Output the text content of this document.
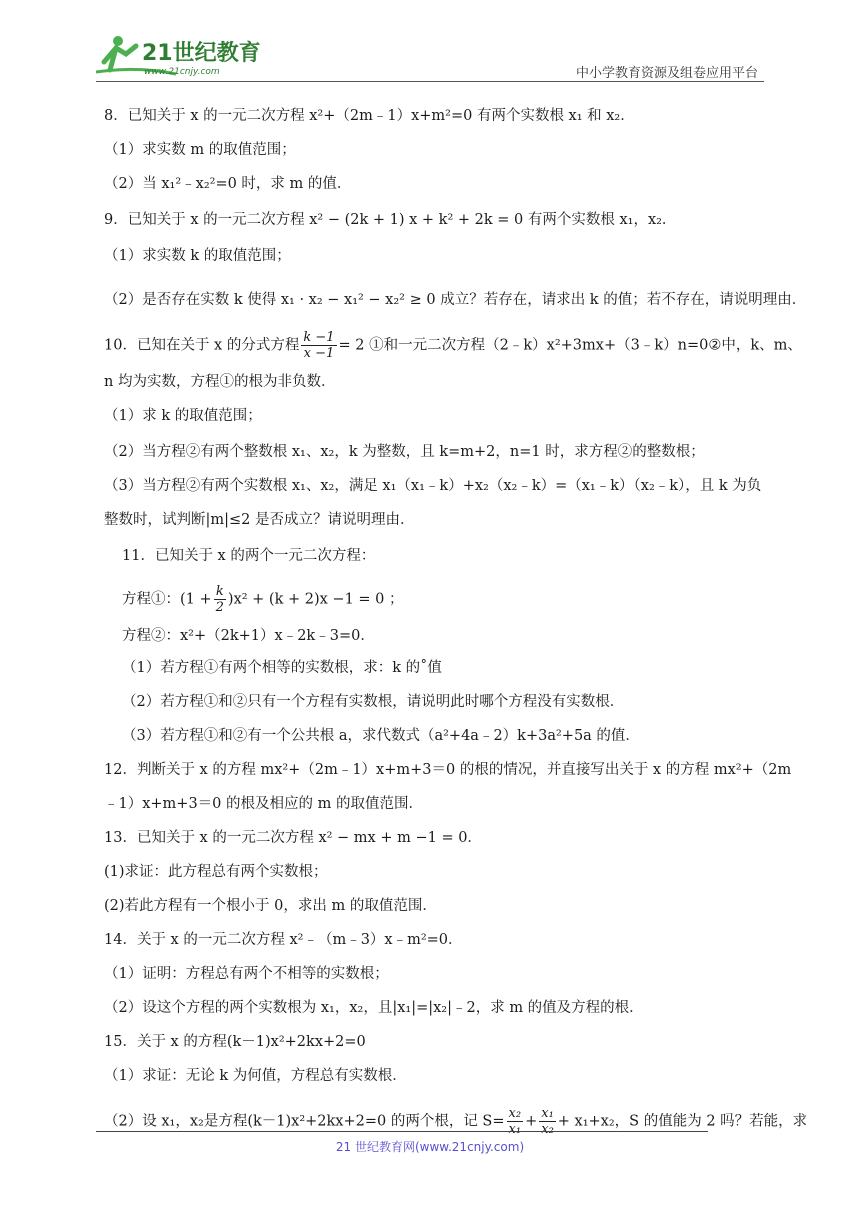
21世纪教育
www.21cnjy.com	中小学教育资源及组卷应用平台
8．已知关于 x 的一元二次方程 x²+（2m﹣1）x+m²=0 有两个实数根 x₁ 和 x₂．
（1）求实数 m 的取值范围；
（2）当 x₁²﹣x₂²=0 时，求 m 的值．
9．已知关于 x 的一元二次方程 x² − (2k + 1) x + k² + 2k = 0 有两个实数根 x₁，x₂．
（1）求实数 k 的取值范围；
（2）是否存在实数 k 使得 x₁ · x₂ − x₁² − x₂² ≥ 0 成立？若存在，请求出 k 的值；若不存在，请说明理由．
10．已知在关于 x 的分式方程 $\frac{k -1}{x -1} = 2$ ①和一元二次方程（2﹣k）x²+3mx+（3﹣k）n=0②中，k、m、
n 均为实数，方程①的根为非负数．
（1）求 k 的取值范围；
（2）当方程②有两个整数根 x₁、x₂，k 为整数，且 k=m+2，n=1 时，求方程②的整数根；
（3）当方程②有两个实数根 x₁、x₂，满足 x₁（x₁﹣k）+x₂（x₂﹣k）=（x₁﹣k）（x₂﹣k），且 k 为负
整数时，试判断|m|≤2 是否成立？请说明理由．
11．已知关于 x 的两个一元二次方程：
方程①：$(1 + \frac{k}{2} )x^2 + (k + 2)x -1 = 0$ ；
方程②：x²+（2k+1）x﹣2k﹣3=0．
（1）若方程①有两个相等的实数根，求：k 的˚值
（2）若方程①和②只有一个方程有实数根，请说明此时哪个方程没有实数根．
（3）若方程①和②有一个公共根 a，求代数式（a²+4a﹣2）k+3a²+5a 的值．
12．判断关于 x 的方程 mx²+（2m﹣1）x+m+3＝0 的根的情况，并直接写出关于 x 的方程 mx²+（2m
﹣1）x+m+3＝0 的根及相应的 m 的取值范围．
13．已知关于 x 的一元二次方程 x² − mx + m −1 = 0．
(1)求证：此方程总有两个实数根；
(2)若此方程有一个根小于 0，求出 m 的取值范围．
14．关于 x 的一元二次方程 x²﹣（m﹣3）x﹣m²=0．
（1）证明：方程总有两个不相等的实数根；
（2）设这个方程的两个实数根为 x₁，x₂，且|x₁|=|x₂|﹣2，求 m 的值及方程的根．
15．关于 x 的方程(k－1)x²+2kx+2=0
（1）求证：无论 k 为何值，方程总有实数根．
（2）设 x₁，x₂是方程(k－1)x²+2kx+2=0 的两个根，记 $S= \frac{\text{x₂}}{\text{x₁}} + \frac{\text{x₁}}{\text{x₂}} + x_1+x_2$，S 的值能为 2 吗？若能，求
21 世纪教育网(www.21cnjy.com)
